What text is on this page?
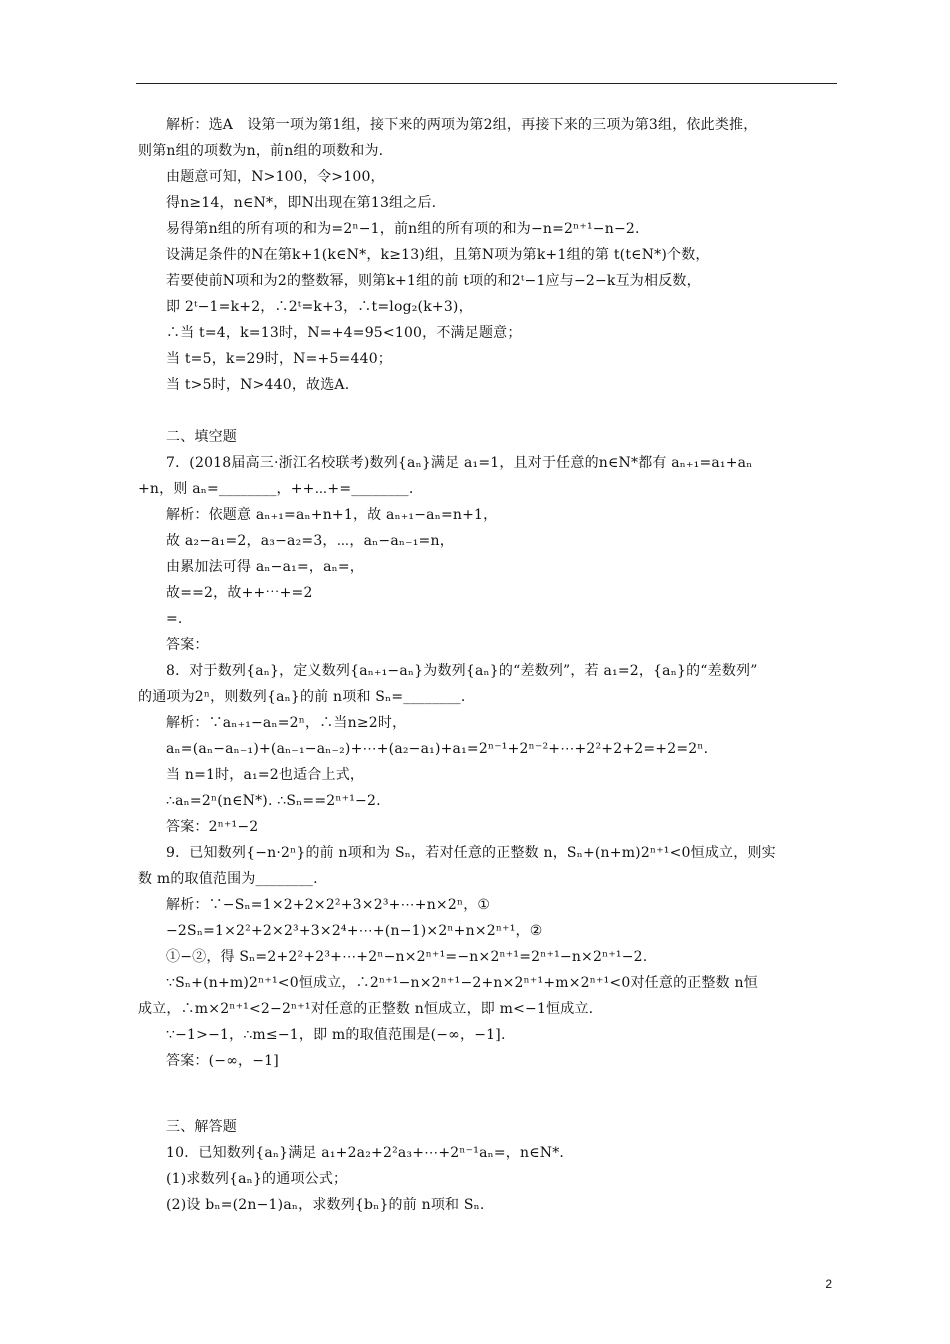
解析：选A　设第一项为第1组，接下来的两项为第2组，再接下来的三项为第3组，依此类推，
则第n组的项数为n，前n组的项数和为.
由题意可知，N>100，令>100，
得n≥14，n∈N*，即N出现在第13组之后.
易得第n组的所有项的和为=2ⁿ−1，前n组的所有项的和为−n=2ⁿ⁺¹−n−2.
设满足条件的N在第k+1(k∈N*，k≥13)组，且第N项为第k+1组的第 t(t∈N*)个数，
若要使前N项和为2的整数幂，则第k+1组的前 t项的和2ᵗ−1应与−2−k互为相反数，
即 2ᵗ−1=k+2，∴2ᵗ=k+3，∴t=log₂(k+3)，
∴当 t=4，k=13时，N=+4=95<100，不满足题意；
当 t=5，k=29时，N=+5=440；
当 t>5时，N>440，故选A.
二、填空题
7．(2018届高三·浙江名校联考)数列{aₙ}满足 a₁=1，且对于任意的n∈N*都有 aₙ₊₁=a₁+aₙ
+n，则 aₙ=________，++⋯+=________.
解析：依题意 aₙ₊₁=aₙ+n+1，故 aₙ₊₁−aₙ=n+1，
故 a₂−a₁=2，a₃−a₂=3，⋯，aₙ−aₙ₋₁=n，
由累加法可得 aₙ−a₁=，aₙ=，
故==2，故++⋯+=2
=.
答案：
8．对于数列{aₙ}，定义数列{aₙ₊₁−aₙ}为数列{aₙ}的“差数列”，若 a₁=2，{aₙ}的“差数列”
的通项为2ⁿ，则数列{aₙ}的前 n项和 Sₙ=________.
解析：∵aₙ₊₁−aₙ=2ⁿ，∴当n≥2时，
aₙ=(aₙ−aₙ₋₁)+(aₙ₋₁−aₙ₋₂)+⋯+(a₂−a₁)+a₁=2ⁿ⁻¹+2ⁿ⁻²+⋯+2²+2+2=+2=2ⁿ.
当 n=1时，a₁=2也适合上式，
∴aₙ=2ⁿ(n∈N*). ∴Sₙ==2ⁿ⁺¹−2.
答案：2ⁿ⁺¹−2
9．已知数列{−n·2ⁿ}的前 n项和为 Sₙ，若对任意的正整数 n，Sₙ+(n+m)2ⁿ⁺¹<0恒成立，则实
数 m的取值范围为________.
解析：∵−Sₙ=1×2+2×2²+3×2³+⋯+n×2ⁿ，①
−2Sₙ=1×2²+2×2³+3×2⁴+⋯+(n−1)×2ⁿ+n×2ⁿ⁺¹，②
①−②，得 Sₙ=2+2²+2³+⋯+2ⁿ−n×2ⁿ⁺¹=−n×2ⁿ⁺¹=2ⁿ⁺¹−n×2ⁿ⁺¹−2.
∵Sₙ+(n+m)2ⁿ⁺¹<0恒成立，∴2ⁿ⁺¹−n×2ⁿ⁺¹−2+n×2ⁿ⁺¹+m×2ⁿ⁺¹<0对任意的正整数 n恒
成立，∴m×2ⁿ⁺¹<2−2ⁿ⁺¹对任意的正整数 n恒成立，即 m<−1恒成立.
∵−1>−1，∴m≤−1，即 m的取值范围是(−∞，−1].
答案：(−∞，−1]
三、解答题
10．已知数列{aₙ}满足 a₁+2a₂+2²a₃+⋯+2ⁿ⁻¹aₙ=，n∈N*.
(1)求数列{aₙ}的通项公式；
(2)设 bₙ=(2n−1)aₙ，求数列{bₙ}的前 n项和 Sₙ.
2
